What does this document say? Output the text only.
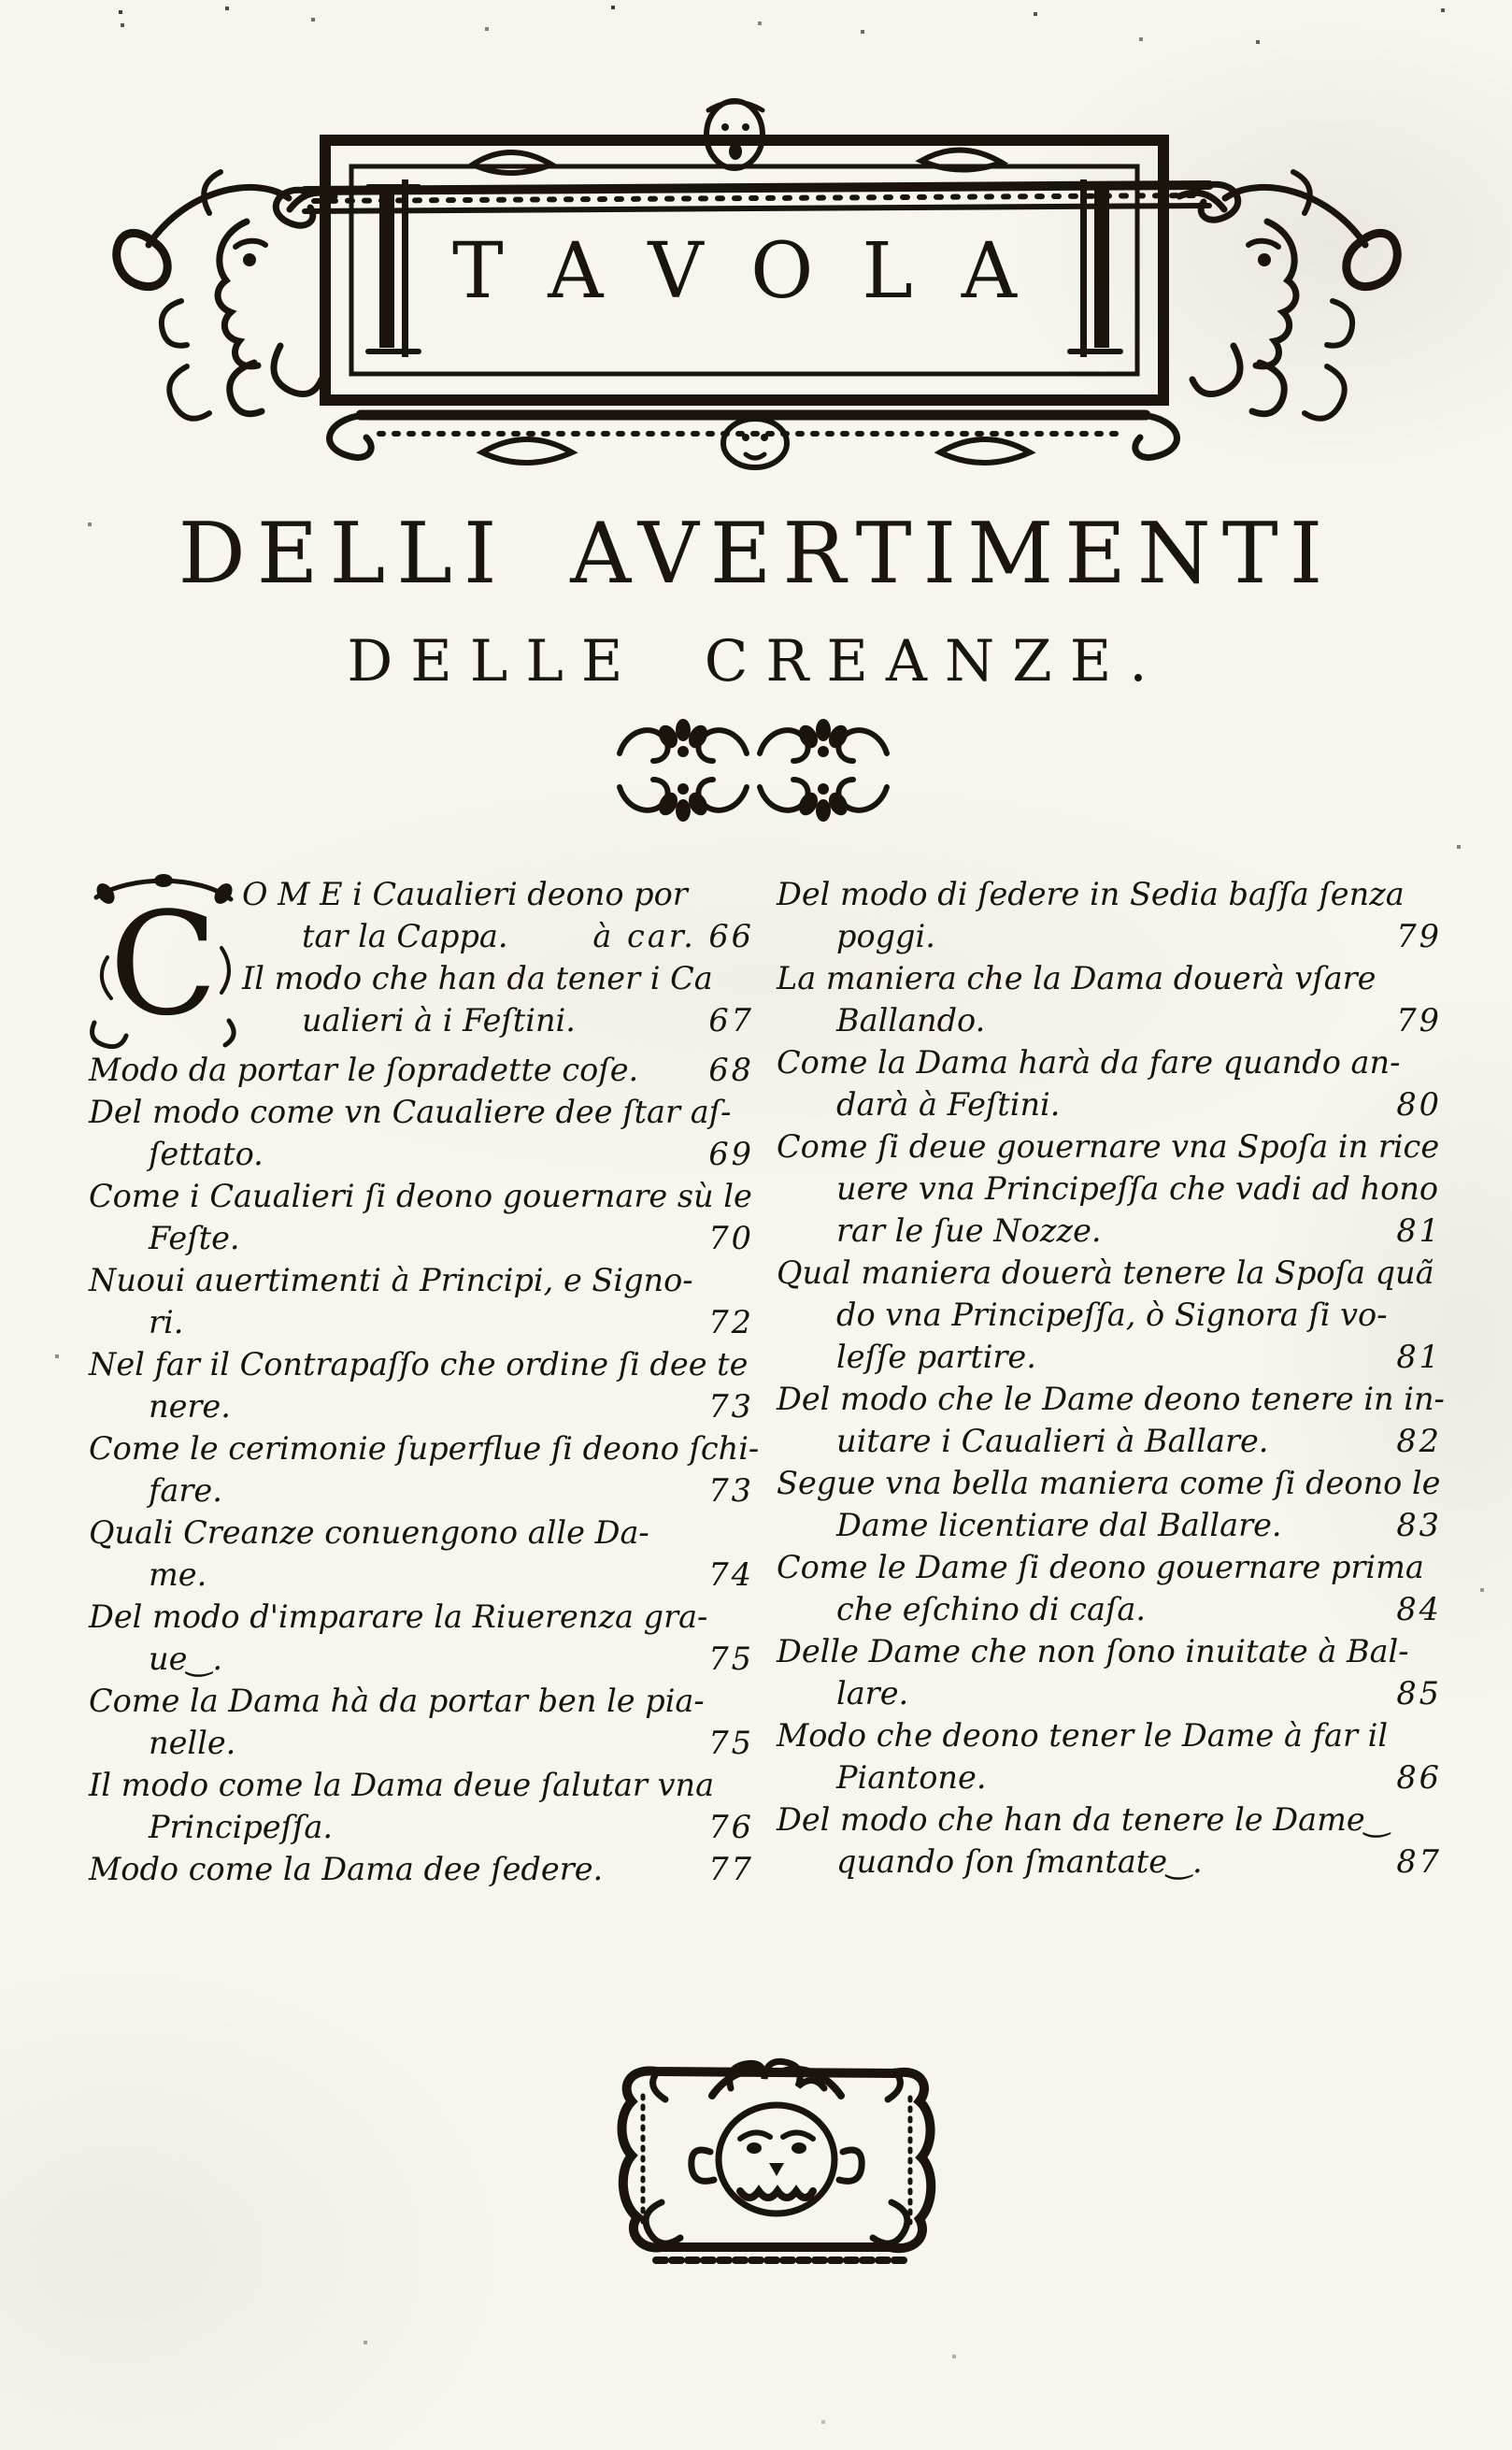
TAVOLA
DELLI AVERTIMENTI
DELLE CREANZE.
C O M E i Caualieri deono por
tar la Cappa.	à car. 66
Il modo che han da tener i Ca
ualieri à i Feſtini.	67
Modo da portar le ſopradette coſe.	68
Del modo come vn Caualiere dee ſtar aſ-
ſettato.	69
Come i Caualieri ſi deono gouernare sù le
Feſte.	70
Nuoui auertimenti à Principi, e Signo-
ri.	72
Nel far il Contrapaſſo che ordine ſi dee te
nere.	73
Come le cerimonie ſuperflue ſi deono ſchi-
fare.	73
Quali Creanze conuengono alle Da-
me.	74
Del modo d'imparare la Riuerenza gra-
ue‿.	75
Come la Dama hà da portar ben le pia-
nelle.	75
Il modo come la Dama deue ſalutar vna
Principeſſa.	76
Modo come la Dama dee ſedere.	77
Del modo di ſedere in Sedia baſſa ſenza
poggi.	79
La maniera che la Dama douerà vſare
Ballando.	79
Come la Dama harà da fare quando an-
darà à Feſtini.	80
Come ſi deue gouernare vna Spoſa in rice
uere vna Principeſſa che vadi ad hono
rar le ſue Nozze.	81
Qual maniera douerà tenere la Spoſa quã
do vna Principeſſa, ò Signora ſi vo-
leſſe partire.	81
Del modo che le Dame deono tenere in in-
uitare i Caualieri à Ballare.	82
Segue vna bella maniera come ſi deono le
Dame licentiare dal Ballare.	83
Come le Dame ſi deono gouernare prima
che eſchino di caſa.	84
Delle Dame che non ſono inuitate à Bal-
lare.	85
Modo che deono tener le Dame à far il
Piantone.	86
Del modo che han da tenere le Dame‿
quando ſon ſmantate‿.	87
